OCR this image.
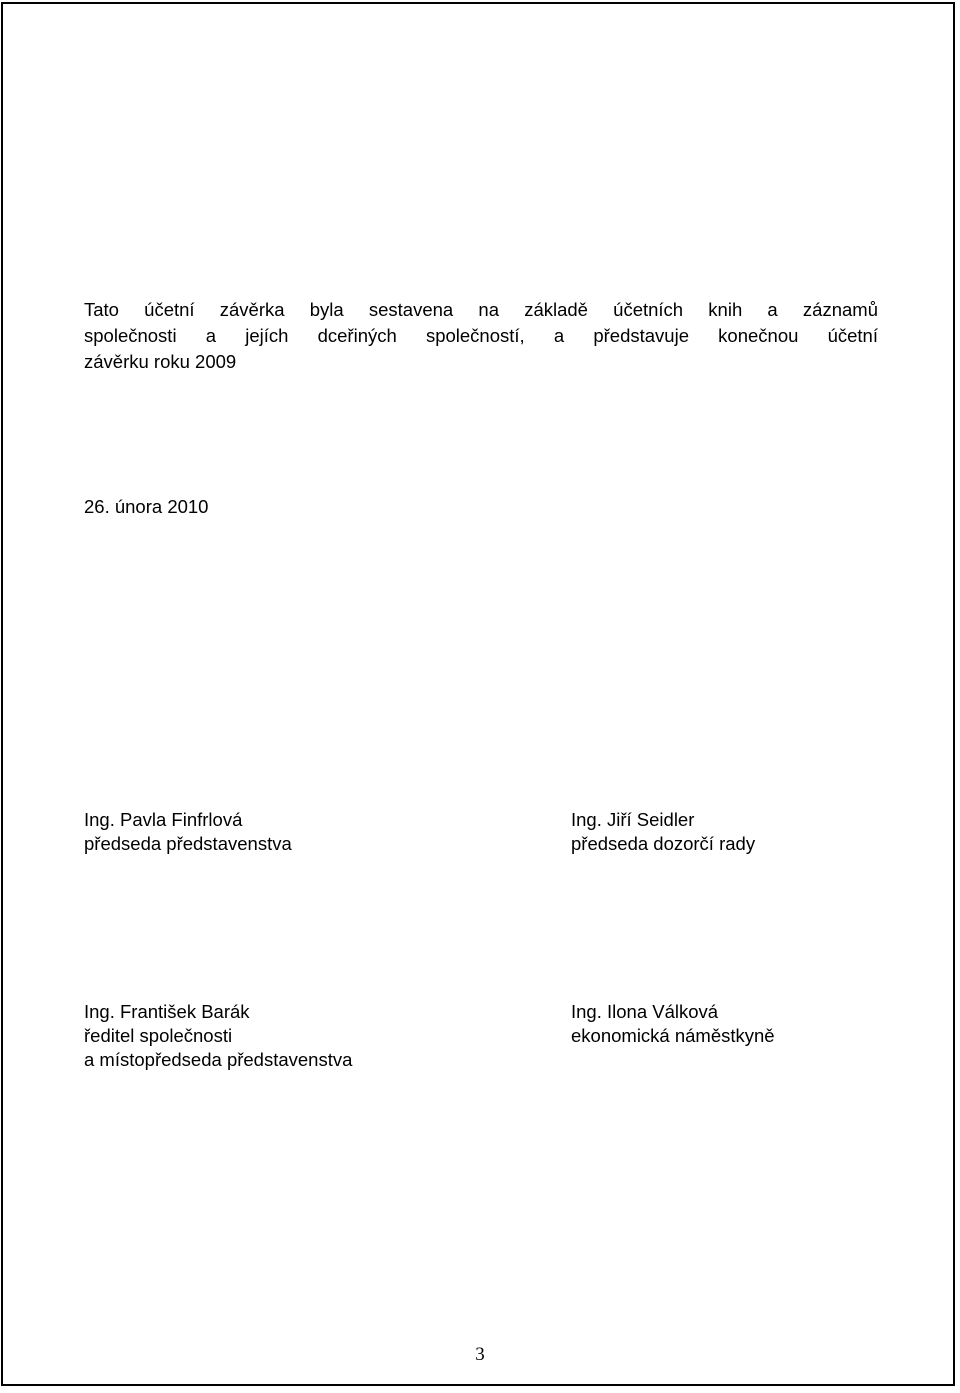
Tato účetní závěrka byla sestavena na základě účetních knih a záznamů
společnosti a jejích dceřiných společností, a představuje konečnou účetní
závěrku roku 2009
26. února 2010
Ing. Pavla Finfrlová
předseda představenstva
Ing. Jiří Seidler
předseda dozorčí rady
Ing. František Barák
ředitel společnosti
a místopředseda představenstva
Ing. Ilona Válková
ekonomická náměstkyně
3
